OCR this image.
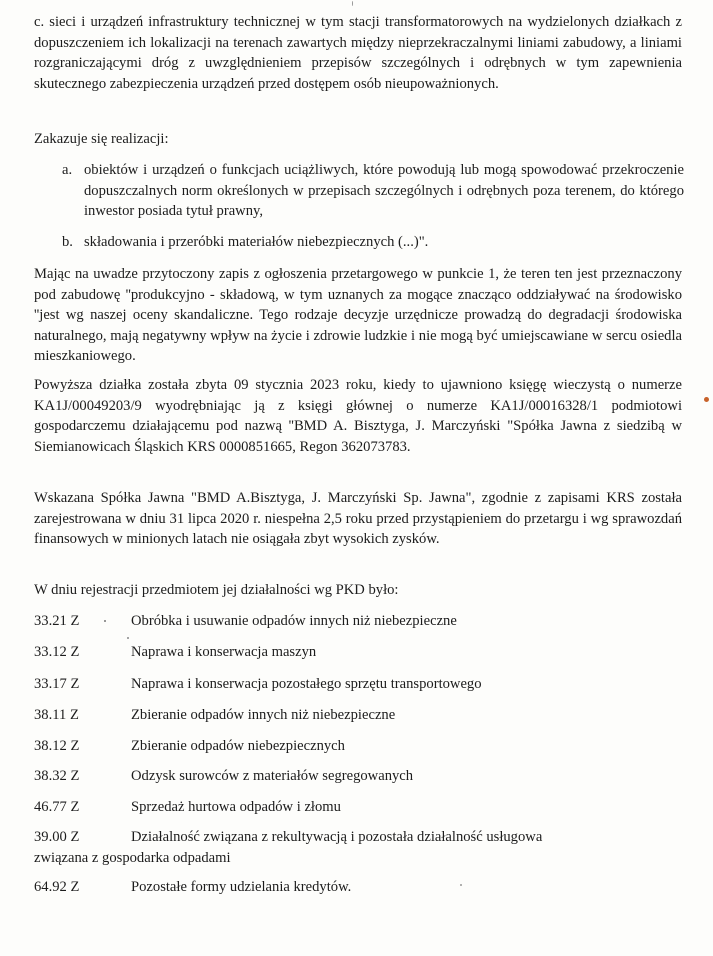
c. sieci i urządzeń infrastruktury technicznej w tym stacji transformatorowych na wydzielonych działkach z dopuszczeniem ich lokalizacji na terenach zawartych między nieprzekraczalnymi liniami zabudowy, a liniami rozgraniczającymi dróg z uwzględnieniem przepisów szczególnych i odrębnych w tym zapewnienia skutecznego zabezpieczenia urządzeń przed dostępem osób nieupoważnionych.

Zakazuje się realizacji:

a. obiektów i urządzeń o funkcjach uciążliwych, które powodują lub mogą spowodować przekroczenie dopuszczalnych norm określonych w przepisach szczególnych i odrębnych poza terenem, do którego inwestor posiada tytuł prawny,
b. składowania i przeróbki materiałów niebezpiecznych (...)".

Mając na uwadze przytoczony zapis z ogłoszenia przetargowego w punkcie 1, że teren ten jest przeznaczony pod zabudowę ''produkcyjno - składową, w tym uznanych za mogące znacząco oddziaływać na środowisko ''jest wg naszej oceny skandaliczne. Tego rodzaje decyzje urzędnicze prowadzą do degradacji środowiska naturalnego, mają negatywny wpływ na życie i zdrowie ludzkie i nie mogą być umiejscawiane w sercu osiedla mieszkaniowego.

Powyższa działka została zbyta 09 stycznia 2023 roku, kiedy to ujawniono księgę wieczystą o numerze KA1J/00049203/9 wyodrębniając ją z księgi głównej o numerze KA1J/00016328/1 podmiotowi gospodarczemu działającemu pod nazwą ''BMD A. Bisztyga, J. Marczyński "Spółka Jawna z siedzibą w Siemianowicach Śląskich KRS 0000851665, Regon 362073783.

Wskazana Spółka Jawna "BMD A.Bisztyga, J. Marczyński Sp. Jawna", zgodnie z zapisami KRS została zarejestrowana w dniu 31 lipca 2020 r. niespełna 2,5 roku przed przystąpieniem do przetargu i wg sprawozdań finansowych w minionych latach nie osiągała zbyt wysokich zysków.

W dniu rejestracji przedmiotem jej działalności wg PKD było:

33.21 Z	Obróbka i usuwanie odpadów innych niż niebezpieczne
33.12 Z	Naprawa i konserwacja maszyn
33.17 Z	Naprawa i konserwacja pozostałego sprzętu transportowego
38.11 Z	Zbieranie odpadów innych niż niebezpieczne
38.12 Z	Zbieranie odpadów niebezpiecznych
38.32 Z	Odzysk surowców z materiałów segregowanych
46.77 Z	Sprzedaż hurtowa odpadów i złomu
39.00 Z	Działalność związana z rekultywacją i pozostała działalność usługowa
związana z gospodarka odpadami
64.92 Z	Pozostałe formy udzielania kredytów.
